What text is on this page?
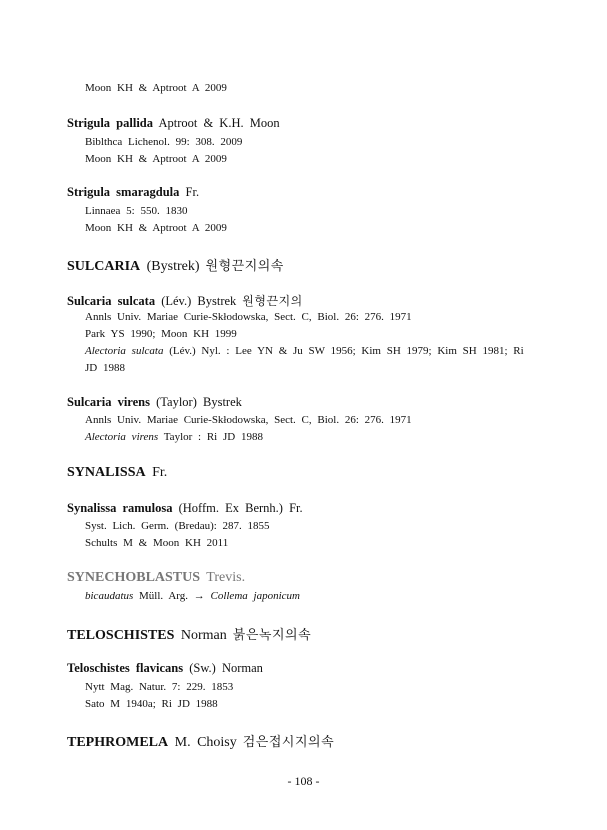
Moon KH & Aptroot A 2009
Strigula pallida Aptroot & K.H. Moon
Biblthca Lichenol. 99: 308. 2009
Moon KH & Aptroot A 2009
Strigula smaragdula Fr.
Linnaea 5: 550. 1830
Moon KH & Aptroot A 2009
SULCARIA (Bystrek) 원형끈지의속
Sulcaria sulcata (Lév.) Bystrek 원형끈지의
Annls Univ. Mariae Curie-Skłodowska, Sect. C, Biol. 26: 276. 1971
Park YS 1990; Moon KH 1999
Alectoria sulcata (Lév.) Nyl. : Lee YN & Ju SW 1956; Kim SH 1979; Kim SH 1981; Ri
JD 1988
Sulcaria virens (Taylor) Bystrek
Annls Univ. Mariae Curie-Skłodowska, Sect. C, Biol. 26: 276. 1971
Alectoria virens Taylor : Ri JD 1988
SYNALISSA Fr.
Synalissa ramulosa (Hoffm. Ex Bernh.) Fr.
Syst. Lich. Germ. (Bredau): 287. 1855
Schults M & Moon KH 2011
SYNECHOBLASTUS Trevis.
bicaudatus Müll. Arg. → Collema japonicum
TELOSCHISTES Norman 붉은녹지의속
Teloschistes flavicans (Sw.) Norman
Nytt Mag. Natur. 7: 229. 1853
Sato M 1940a; Ri JD 1988
TEPHROMELA M. Choisy 검은접시지의속
- 108 -
